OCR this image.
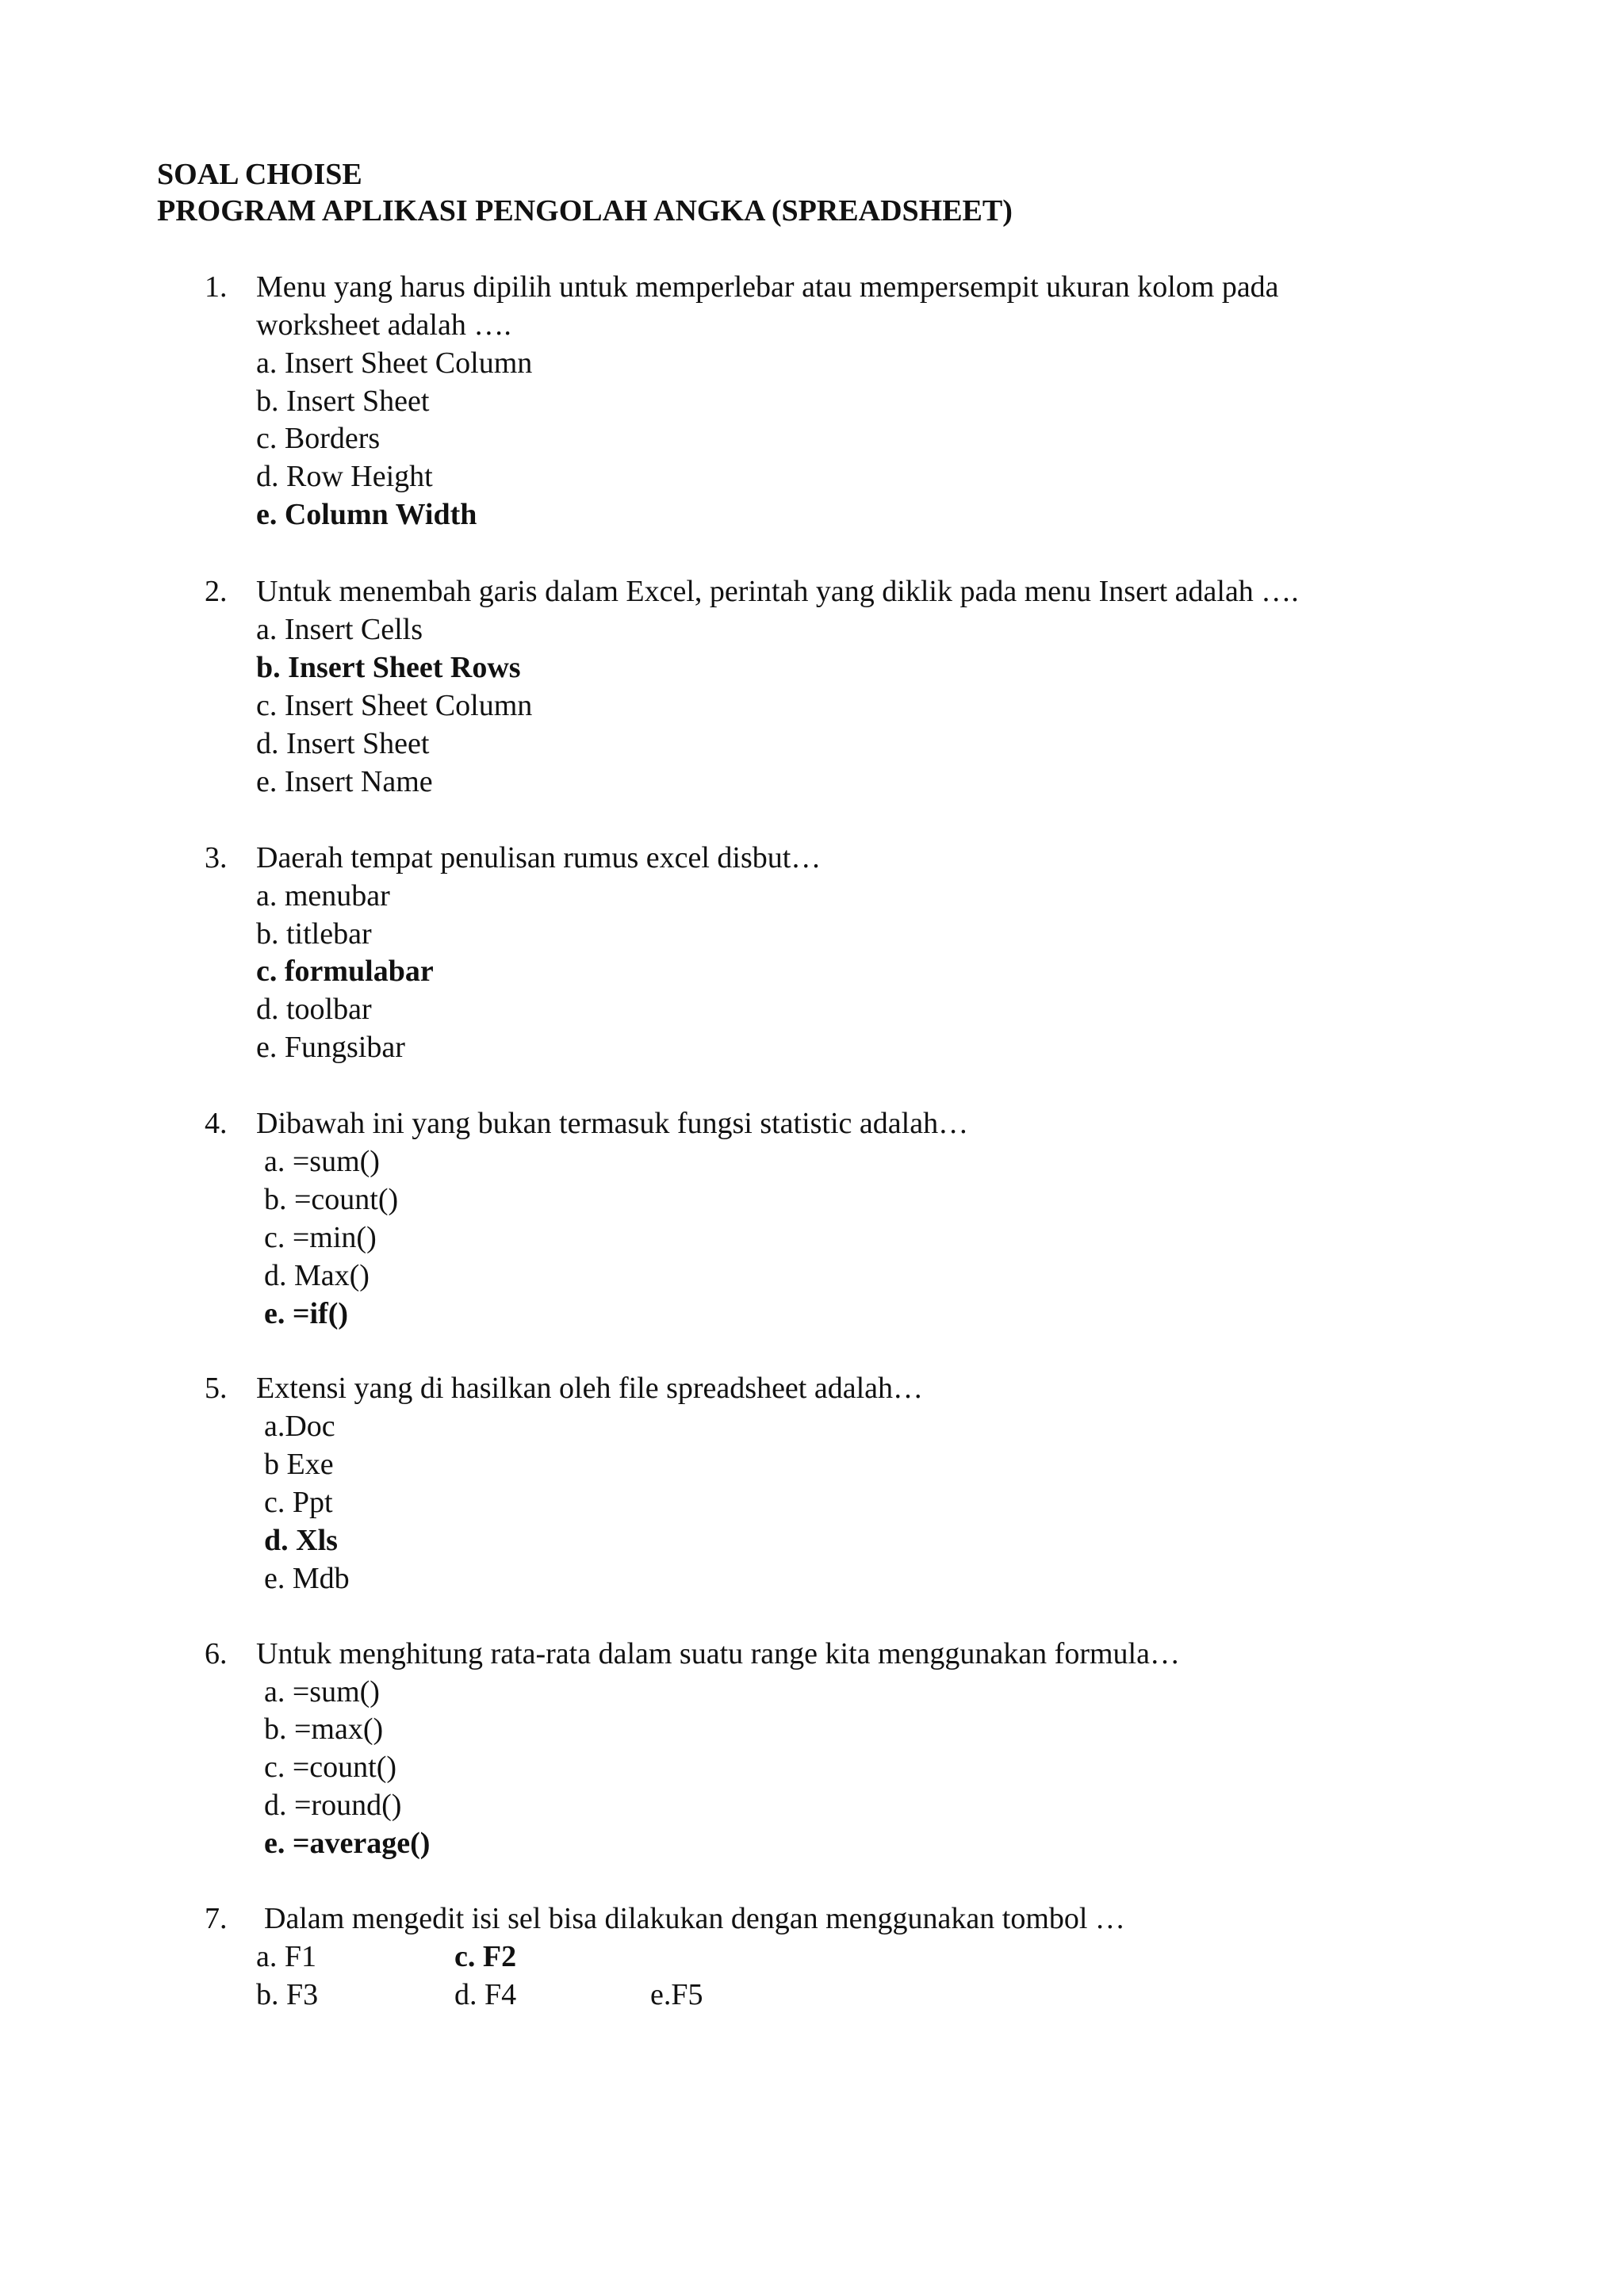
SOAL CHOISE
PROGRAM APLIKASI PENGOLAH ANGKA (SPREADSHEET)
1. Menu yang harus dipilih untuk memperlebar atau mempersempit ukuran kolom pada
worksheet adalah ….
a. Insert Sheet Column
b. Insert Sheet
c. Borders
d. Row Height
e. Column Width
2. Untuk menembah garis dalam Excel, perintah yang diklik pada menu Insert adalah ….
a. Insert Cells
b. Insert Sheet Rows
c. Insert Sheet Column
d. Insert Sheet
e. Insert Name
3. Daerah tempat penulisan rumus excel disbut…
a. menubar
b. titlebar
c. formulabar
d. toolbar
e. Fungsibar
4. Dibawah ini yang bukan termasuk fungsi statistic adalah…
a. =sum()
b. =count()
c. =min()
d. Max()
e. =if()
5. Extensi yang di hasilkan oleh file spreadsheet adalah…
a.Doc
b Exe
c. Ppt
d. Xls
e. Mdb
6. Untuk menghitung rata-rata dalam suatu range kita menggunakan formula…
a. =sum()
b. =max()
c. =count()
d. =round()
e. =average()
7. Dalam mengedit isi sel bisa dilakukan dengan menggunakan tombol …
a. F1	c. F2
b. F3	d. F4	e.F5
